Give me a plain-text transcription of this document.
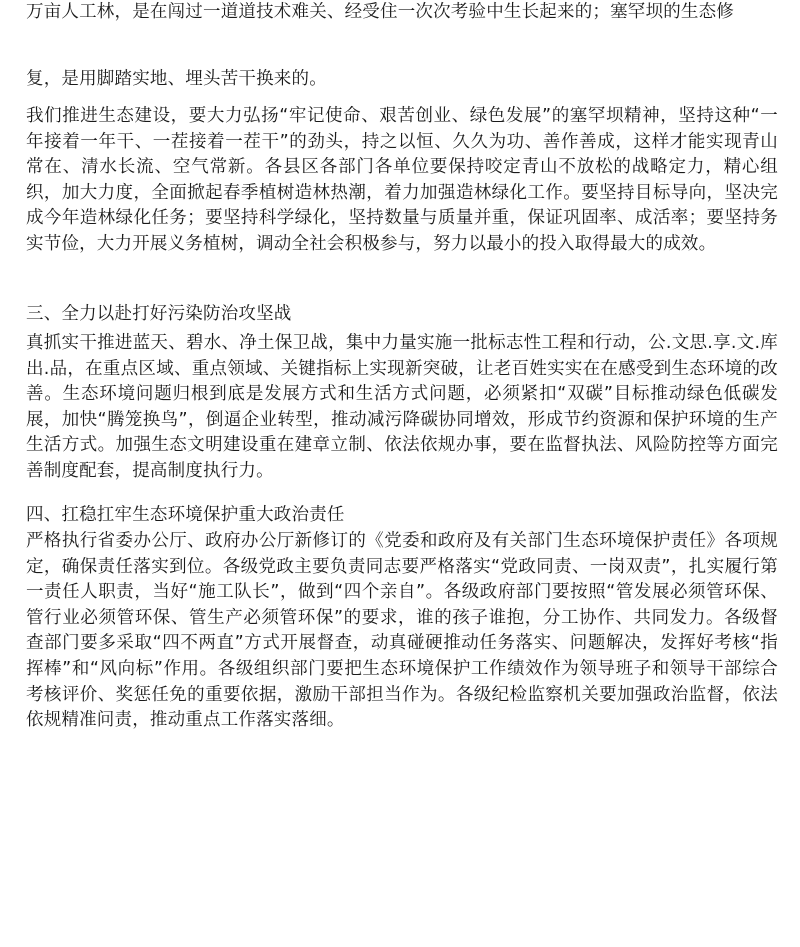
万亩人工林，是在闯过一道道技术难关、经受住一次次考验中生长起来的；塞罕坝的生态修

复，是用脚踏实地、埋头苦干换来的。

我们推进生态建设，要大力弘扬“牢记使命、艰苦创业、绿色发展”的塞罕坝精神，坚持这种“一年接着一年干、一茬接着一茬干”的劲头，持之以恒、久久为功、善作善成，这样才能实现青山常在、清水长流、空气常新。各县区各部门各单位要保持咬定青山不放松的战略定力，精心组织，加大力度，全面掀起春季植树造林热潮，着力加强造林绿化工作。要坚持目标导向，坚决完成今年造林绿化任务；要坚持科学绿化，坚持数量与质量并重，保证巩固率、成活率；要坚持务实节俭，大力开展义务植树，调动全社会积极参与，努力以最小的投入取得最大的成效。

三、全力以赴打好污染防治攻坚战

真抓实干推进蓝天、碧水、净土保卫战，集中力量实施一批标志性工程和行动，公.文思.享.文.库出.品，在重点区域、重点领域、关键指标上实现新突破，让老百姓实实在在感受到生态环境的改善。生态环境问题归根到底是发展方式和生活方式问题，必须紧扣“双碳”目标推动绿色低碳发展，加快“腾笼换鸟”，倒逼企业转型，推动减污降碳协同增效，形成节约资源和保护环境的生产生活方式。加强生态文明建设重在建章立制、依法依规办事，要在监督执法、风险防控等方面完善制度配套，提高制度执行力。

四、扛稳扛牢生态环境保护重大政治责任

严格执行省委办公厅、政府办公厅新修订的《党委和政府及有关部门生态环境保护责任》各项规定，确保责任落实到位。各级党政主要负责同志要严格落实“党政同责、一岗双责”，扎实履行第一责任人职责，当好“施工队长”，做到“四个亲自”。各级政府部门要按照“管发展必须管环保、管行业必须管环保、管生产必须管环保”的要求，谁的孩子谁抱，分工协作、共同发力。各级督查部门要多采取“四不两直”方式开展督查，动真碰硬推动任务落实、问题解决，发挥好考核“指挥棒”和“风向标”作用。各级组织部门要把生态环境保护工作绩效作为领导班子和领导干部综合考核评价、奖惩任免的重要依据，激励干部担当作为。各级纪检监察机关要加强政治监督，依法依规精准问责，推动重点工作落实落细。
